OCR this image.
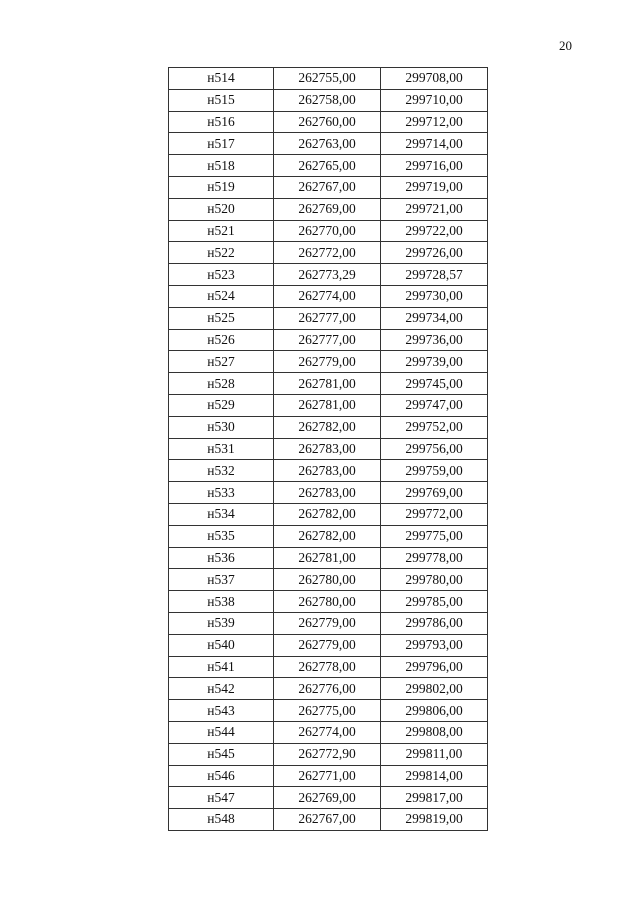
20
н514	262755,00	299708,00
н515	262758,00	299710,00
н516	262760,00	299712,00
н517	262763,00	299714,00
н518	262765,00	299716,00
н519	262767,00	299719,00
н520	262769,00	299721,00
н521	262770,00	299722,00
н522	262772,00	299726,00
н523	262773,29	299728,57
н524	262774,00	299730,00
н525	262777,00	299734,00
н526	262777,00	299736,00
н527	262779,00	299739,00
н528	262781,00	299745,00
н529	262781,00	299747,00
н530	262782,00	299752,00
н531	262783,00	299756,00
н532	262783,00	299759,00
н533	262783,00	299769,00
н534	262782,00	299772,00
н535	262782,00	299775,00
н536	262781,00	299778,00
н537	262780,00	299780,00
н538	262780,00	299785,00
н539	262779,00	299786,00
н540	262779,00	299793,00
н541	262778,00	299796,00
н542	262776,00	299802,00
н543	262775,00	299806,00
н544	262774,00	299808,00
н545	262772,90	299811,00
н546	262771,00	299814,00
н547	262769,00	299817,00
н548	262767,00	299819,00
